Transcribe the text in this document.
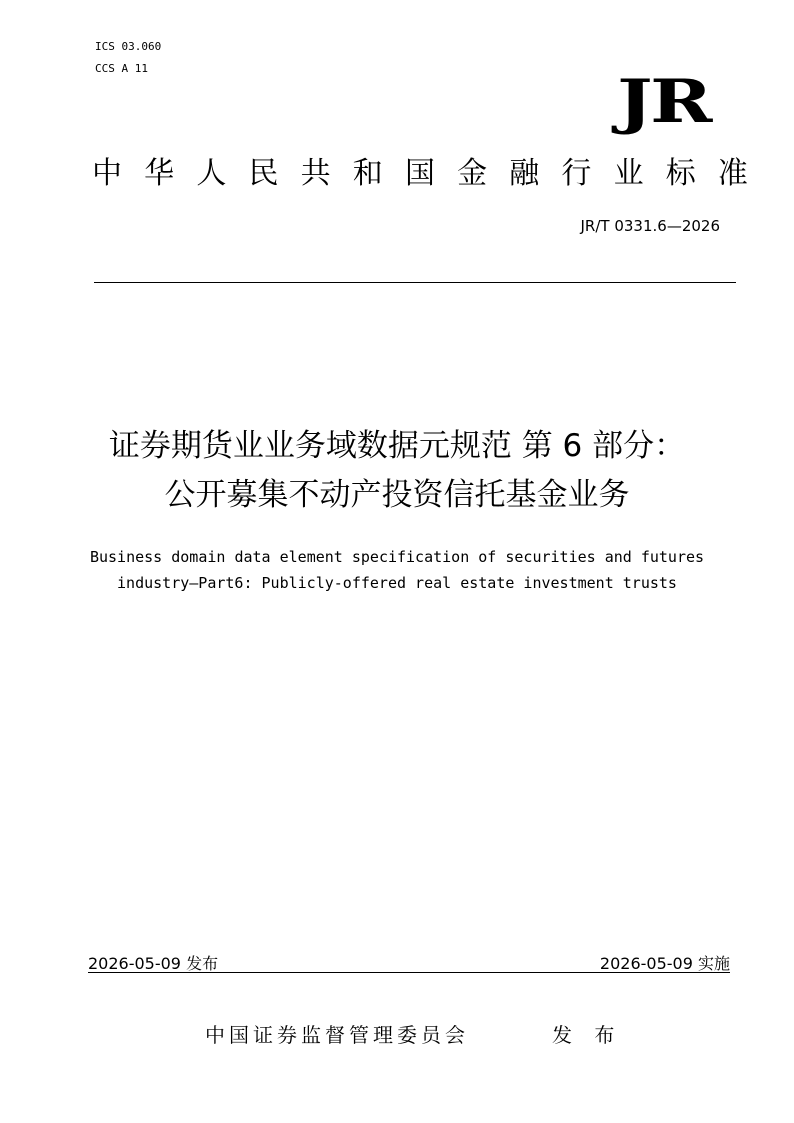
ICS 03.060
CCS A 11	JR
中 华 人 民 共 和 国 金 融 行 业 标 准
JR/T 0331.6—2026
证券期货业业务域数据元规范 第 6 部分：
公开募集不动产投资信托基金业务
Business domain data element specification of securities and futures
industry—Part6: Publicly-offered real estate investment trusts
2026-05-09 发布	2026-05-09 实施
中国证券监督管理委员会	发 布
